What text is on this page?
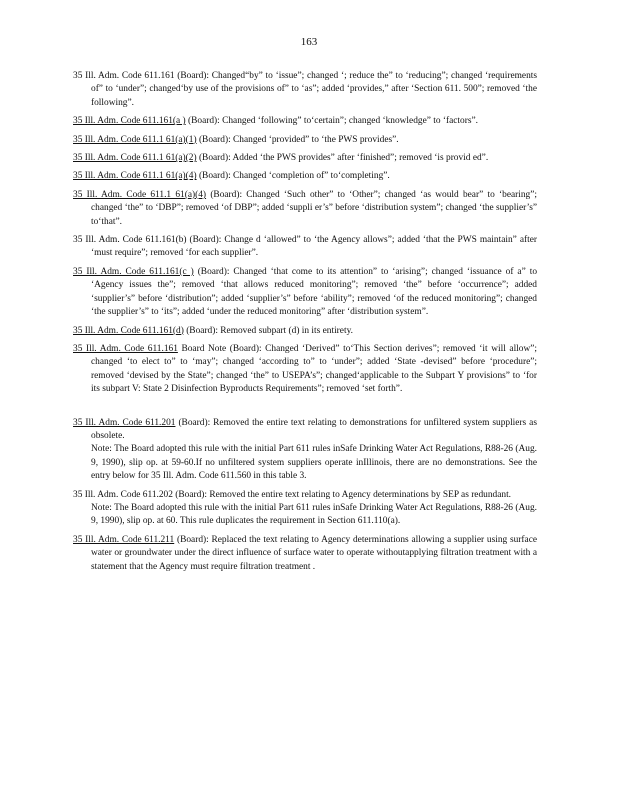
163

35 Ill. Adm. Code 611.161 (Board): Changed“by” to ‘issue”; changed ‘; reduce the” to ‘reducing”; changed ‘requirements of” to ‘under”; changed‘by use of the provisions of” to ‘as”; added ‘provides,” after ‘Section 611. 500”; removed ‘the following”.

35 Ill. Adm. Code 611.161(a ) (Board): Changed ‘following” to‘certain”; changed ‘knowledge” to ‘factors”.

35 Ill. Adm. Code 611.1 61(a)(1) (Board): Changed ‘provided” to ‘the PWS provides”.

35 Ill. Adm. Code 611.1 61(a)(2) (Board): Added ‘the PWS provides” after ‘finished”; removed ‘is provid ed”.

35 Ill. Adm. Code 611.1 61(a)(4) (Board): Changed ‘completion of” to‘completing”.

35 Ill. Adm. Code 611.1 61(a)(4) (Board): Changed ‘Such other” to ‘Other”; changed ‘as would bear” to ‘bearing”; changed ‘the” to ‘DBP”; removed ‘of DBP”; added ‘suppli er’s” before ‘distribution system”; changed ‘the supplier’s” to‘that”.

35 Ill. Adm. Code 611.161(b) (Board): Change d ‘allowed” to ‘the Agency allows”; added ‘that the PWS maintain” after ‘must require”; removed ‘for each supplier”.

35 Ill. Adm. Code 611.161(c ) (Board): Changed ‘that come to its attention” to ‘arising”; changed ‘issuance of a” to ‘Agency issues the”; removed ‘that allows reduced monitoring”; removed ‘the” before ‘occurrence”; added ‘supplier’s” before ‘distribution”; added ‘supplier’s” before ‘ability”; removed ‘of the reduced monitoring”; changed ‘the supplier’s” to ‘its”; added ‘under the reduced monitoring” after ‘distribution system”.

35 Ill. Adm. Code 611.161(d) (Board): Removed subpart (d) in its entirety.

35 Ill. Adm. Code 611.161 Board Note (Board): Changed ‘Derived” to‘This Section derives”; removed ‘it will allow”; changed ‘to elect to” to ‘may”; changed ‘according to” to ‘under”; added ‘State -devised” before ‘procedure”; removed ‘devised by the State”; changed ‘the” to USEPA’s”; changed‘applicable to the Subpart Y provisions” to ‘for its subpart V: State 2 Disinfection Byproducts Requirements”; removed ‘set forth”.

35 Ill. Adm. Code 611.201 (Board): Removed the entire text relating to demonstrations for unfiltered system suppliers as obsolete.
Note: The Board adopted this rule with the initial Part 611 rules inSafe Drinking Water Act Regulations, R88-26 (Aug. 9, 1990), slip op. at 59-60.If no unfiltered system suppliers operate inIllinois, there are no demonstrations. See the entry below for 35 Ill. Adm. Code 611.560 in this table 3.

35 Ill. Adm. Code 611.202 (Board): Removed the entire text relating to Agency determinations by SEP as redundant.
Note: The Board adopted this rule with the initial Part 611 rules inSafe Drinking Water Act Regulations, R88-26 (Aug. 9, 1990), slip op. at 60. This rule duplicates the requirement in Section 611.110(a).

35 Ill. Adm. Code 611.211 (Board): Replaced the text relating to Agency determinations allowing a supplier using surface water or groundwater under the direct influence of surface water to operate withoutapplying filtration treatment with a statement that the Agency must require filtration treatment .
